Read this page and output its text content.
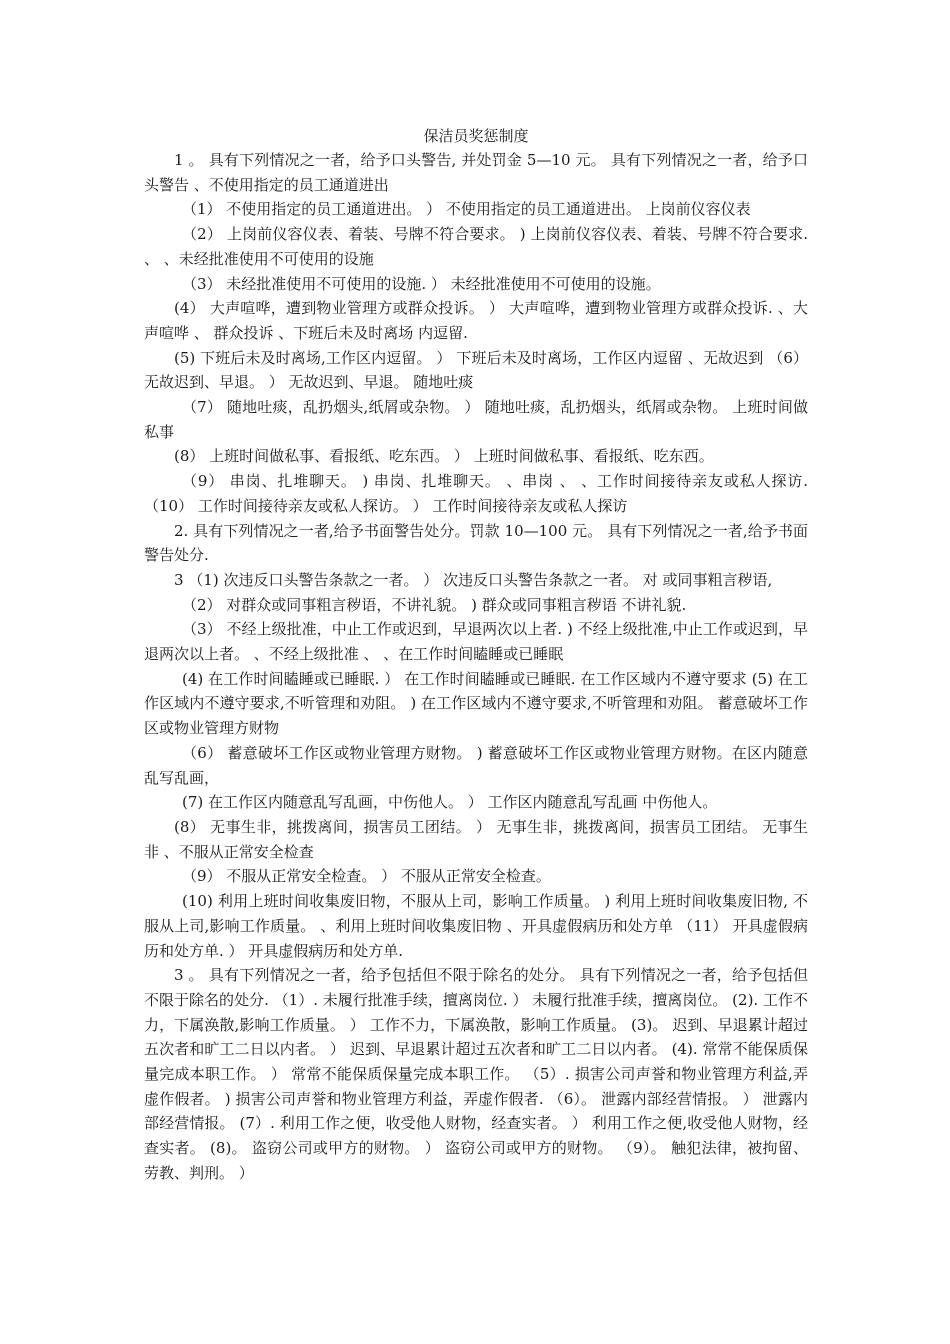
保洁员奖惩制度

1 。 具有下列情况之一者，给予口头警告, 并处罚金 5—10 元。 具有下列情况之一者，给予口头警告 、不使用指定的员工通道进出

（1） 不使用指定的员工通道进出。 ） 不使用指定的员工通道进出。 上岗前仪容仪表

（2） 上岗前仪容仪表、着装、号牌不符合要求。 ) 上岗前仪容仪表、着装、号牌不符合要求. 、 、未经批准使用不可使用的设施

（3） 未经批准使用不可使用的设施. ） 未经批准使用不可使用的设施。

(4） 大声喧哗，遭到物业管理方或群众投诉。 ） 大声喧哗，遭到物业管理方或群众投诉. 、大声喧哗 、 群众投诉 、下班后未及时离场 内逗留.

(5) 下班后未及时离场,工作区内逗留。 ） 下班后未及时离场，工作区内逗留 、无故迟到 （6） 无故迟到、早退。 ） 无故迟到、早退。 随地吐痰

（7） 随地吐痰，乱扔烟头,纸屑或杂物。 ） 随地吐痰，乱扔烟头，纸屑或杂物。 上班时间做私事

(8） 上班时间做私事、看报纸、吃东西。 ） 上班时间做私事、看报纸、吃东西。

（9） 串岗、扎堆聊天。 ) 串岗、扎堆聊天。 、串岗 、 、工作时间接待亲友或私人探访. （10） 工作时间接待亲友或私人探访。 ） 工作时间接待亲友或私人探访

2. 具有下列情况之一者,给予书面警告处分。罚款 10—100 元。 具有下列情况之一者,给予书面警告处分.

3 （1) 次违反口头警告条款之一者。 ） 次违反口头警告条款之一者。 对 或同事粗言秽语,

（2） 对群众或同事粗言秽语，不讲礼貌。 ) 群众或同事粗言秽语 不讲礼貌.

（3） 不经上级批准，中止工作或迟到，早退两次以上者. ) 不经上级批准,中止工作或迟到，早退两次以上者。 、不经上级批准 、 、在工作时间瞌睡或已睡眠

(4) 在工作时间瞌睡或已睡眠. ） 在工作时间瞌睡或已睡眠. 在工作区域内不遵守要求 (5) 在工作区域内不遵守要求,不听管理和劝阻。 ) 在工作区域内不遵守要求,不听管理和劝阻。 蓄意破坏工作区或物业管理方财物

（6） 蓄意破坏工作区或物业管理方财物。 ) 蓄意破坏工作区或物业管理方财物。在区内随意乱写乱画，

(7) 在工作区内随意乱写乱画，中伤他人。 ） 工作区内随意乱写乱画 中伤他人。

(8） 无事生非，挑拨离间，损害员工团结。 ） 无事生非，挑拨离间，损害员工团结。 无事生非 、不服从正常安全检查

（9） 不服从正常安全检查。 ） 不服从正常安全检查。

(10) 利用上班时间收集废旧物，不服从上司，影响工作质量。 ) 利用上班时间收集废旧物, 不服从上司,影响工作质量。 、利用上班时间收集废旧物 、开具虚假病历和处方单 （11） 开具虚假病历和处方单. ） 开具虚假病历和处方单.

3 。 具有下列情况之一者，给予包括但不限于除名的处分。 具有下列情况之一者，给予包括但不限于除名的处分. （1）. 未履行批准手续，擅离岗位. ） 未履行批准手续，擅离岗位。 (2). 工作不力，下属涣散,影响工作质量。 ） 工作不力，下属涣散，影响工作质量。 (3)。 迟到、早退累计超过五次者和旷工二日以内者。 ） 迟到、早退累计超过五次者和旷工二日以内者。 (4). 常常不能保质保量完成本职工作。 ） 常常不能保质保量完成本职工作。 （5）. 损害公司声誉和物业管理方利益,弄虚作假者。 ) 损害公司声誉和物业管理方利益，弄虚作假者. （6）。 泄露内部经营情报。 ） 泄露内部经营情报。 (7）. 利用工作之便，收受他人财物，经查实者。 ） 利用工作之便,收受他人财物，经查实者。 (8)。 盗窃公司或甲方的财物。 ） 盗窃公司或甲方的财物。 （9）。 触犯法律，被拘留、劳教、判刑。 ）
